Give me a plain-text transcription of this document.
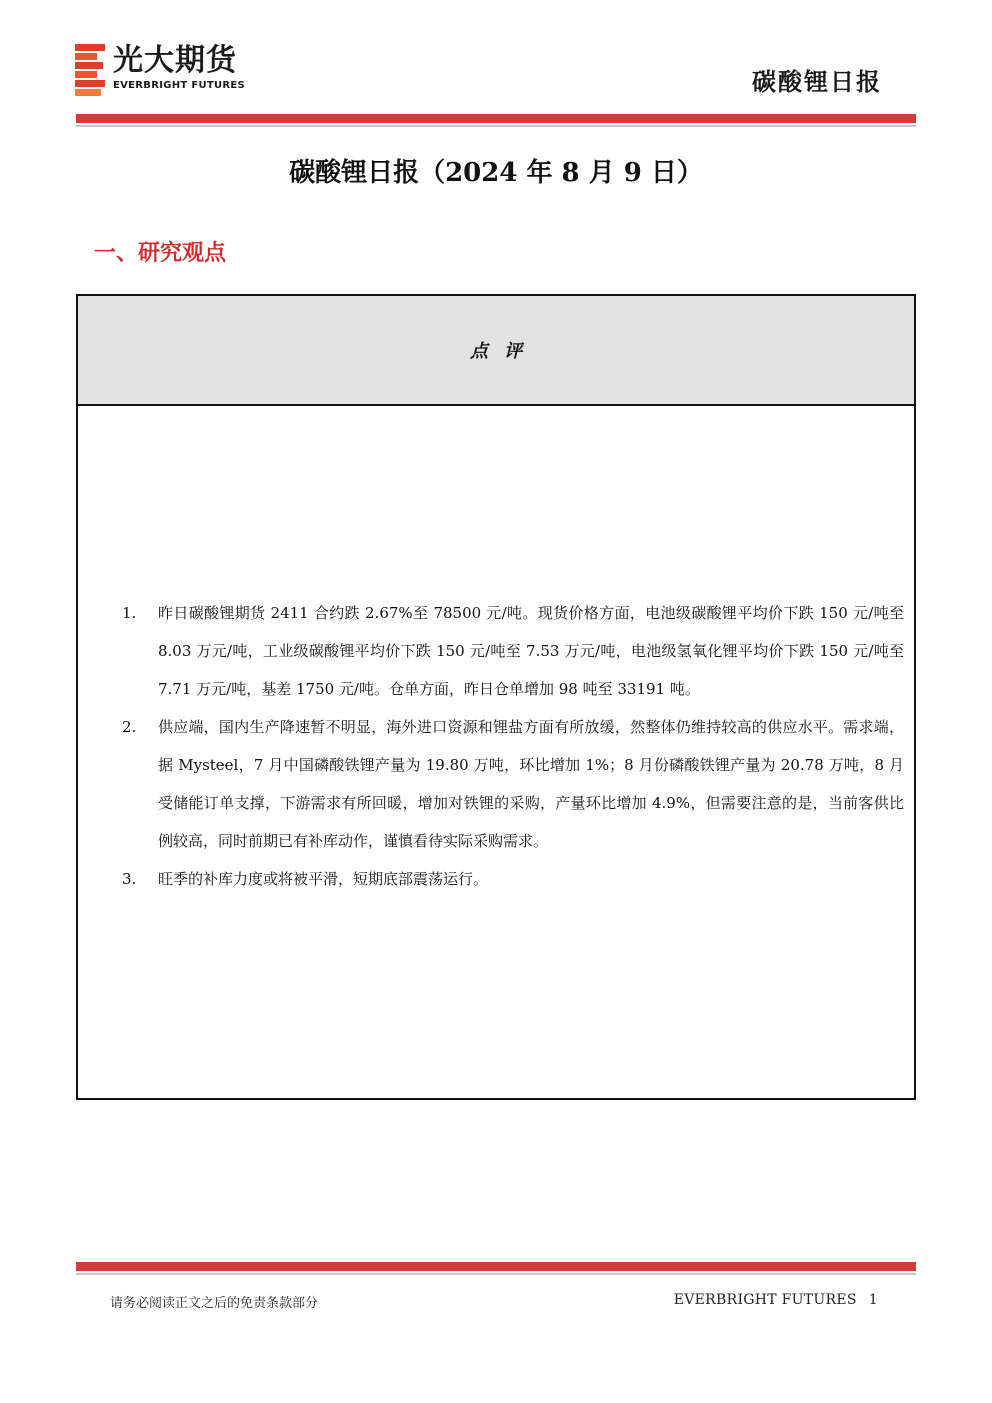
光大期货
EVERBRIGHT FUTURES	碳酸锂日报
碳酸锂日报（2024 年 8 月 9 日）
一、研究观点
点评
1. 昨日碳酸锂期货 2411 合约跌 2.67%至 78500 元/吨。现货价格方面，电池级碳酸锂平均价下跌 150 元/吨至 8.03 万元/吨，工业级碳酸锂平均价下跌 150 元/吨至 7.53 万元/吨，电池级氢氧化锂平均价下跌 150 元/吨至 7.71 万元/吨，基差 1750 元/吨。仓单方面，昨日仓单增加 98 吨至 33191 吨。
2. 供应端，国内生产降速暂不明显，海外进口资源和锂盐方面有所放缓，然整体仍维持较高的供应水平。需求端，据 Mysteel，7 月中国磷酸铁锂产量为 19.80 万吨，环比增加 1%；8 月份磷酸铁锂产量为 20.78 万吨，8 月受储能订单支撑，下游需求有所回暖，增加对铁锂的采购，产量环比增加 4.9%，但需要注意的是，当前客供比例较高，同时前期已有补库动作，谨慎看待实际采购需求。
3. 旺季的补库力度或将被平滑，短期底部震荡运行。
请务必阅读正文之后的免责条款部分	EVERBRIGHT FUTURES 1
